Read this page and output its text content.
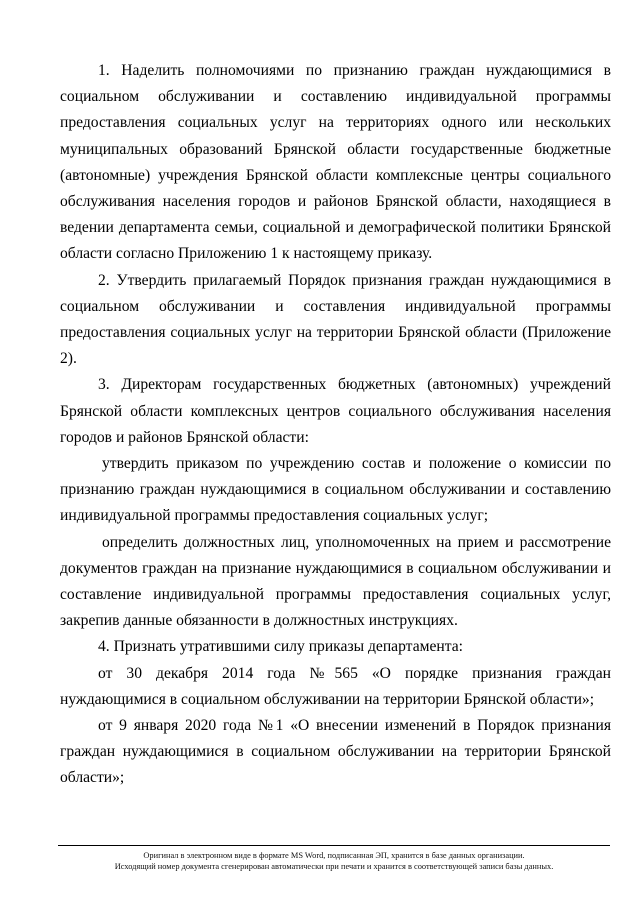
1. Наделить полномочиями по признанию граждан нуждающимися в социальном обслуживании и составлению индивидуальной программы предоставления социальных услуг на территориях одного или нескольких муниципальных образований Брянской области государственные бюджетные (автономные) учреждения Брянской области комплексные центры социального обслуживания населения городов и районов Брянской области, находящиеся в ведении департамента семьи, социальной и демографической политики Брянской области согласно Приложению 1 к настоящему приказу.

2. Утвердить прилагаемый Порядок признания граждан нуждающимися в социальном обслуживании и составления индивидуальной программы предоставления социальных услуг на территории Брянской области (Приложение 2).

3. Директорам государственных бюджетных (автономных) учреждений Брянской области комплексных центров социального обслуживания населения городов и районов Брянской области:

утвердить приказом по учреждению состав и положение о комиссии по признанию граждан нуждающимися в социальном обслуживании и составлению индивидуальной программы предоставления социальных услуг;

определить должностных лиц, уполномоченных на прием и рассмотрение документов граждан на признание нуждающимися в социальном обслуживании и составление индивидуальной программы предоставления социальных услуг, закрепив данные обязанности в должностных инструкциях.

4. Признать утратившими силу приказы департамента:

от 30 декабря 2014 года №565 «О порядке признания граждан нуждающимися в социальном обслуживании на территории Брянской области»;

от 9 января 2020 года №1 «О внесении изменений в Порядок признания граждан нуждающимися в социальном обслуживании на территории Брянской области»;

Оригинал в электронном виде в формате MS Word, подписанная ЭП, хранится в базе данных организации.
Исходящий номер документа сгенерирован автоматически при печати и хранится в соответствующей записи базы данных.
